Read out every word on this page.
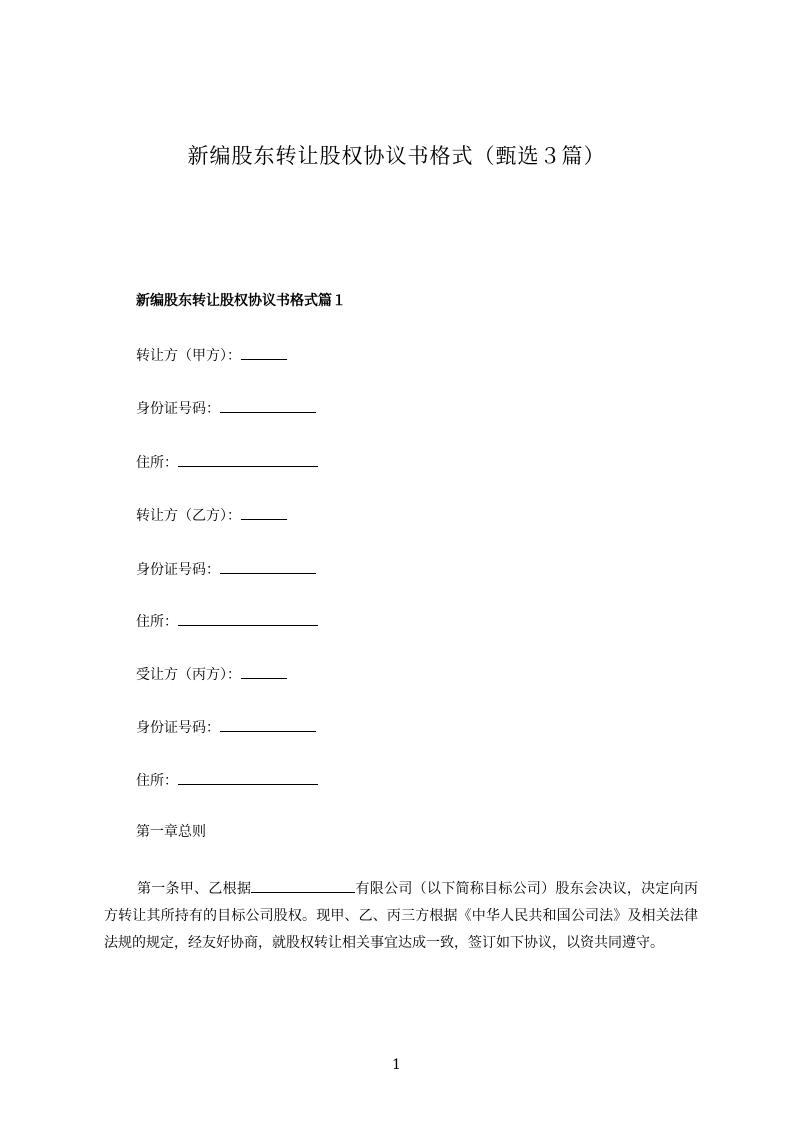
新编股东转让股权协议书格式（甄选３篇）
新编股东转让股权协议书格式篇１
转让方（甲方）：
身份证号码：
住所：
转让方（乙方）：
身份证号码：
住所：
受让方（丙方）：
身份证号码：
住所：
第一章总则

第一条甲、乙根据	有限公司（以下简称目标公司）股东会决议，决定向丙方转让其所持有的目标公司股权。现甲、乙、丙三方根据《中华人民共和国公司法》及相关法律法规的规定，经友好协商，就股权转让相关事宜达成一致，签订如下协议，以资共同遵守。

1
